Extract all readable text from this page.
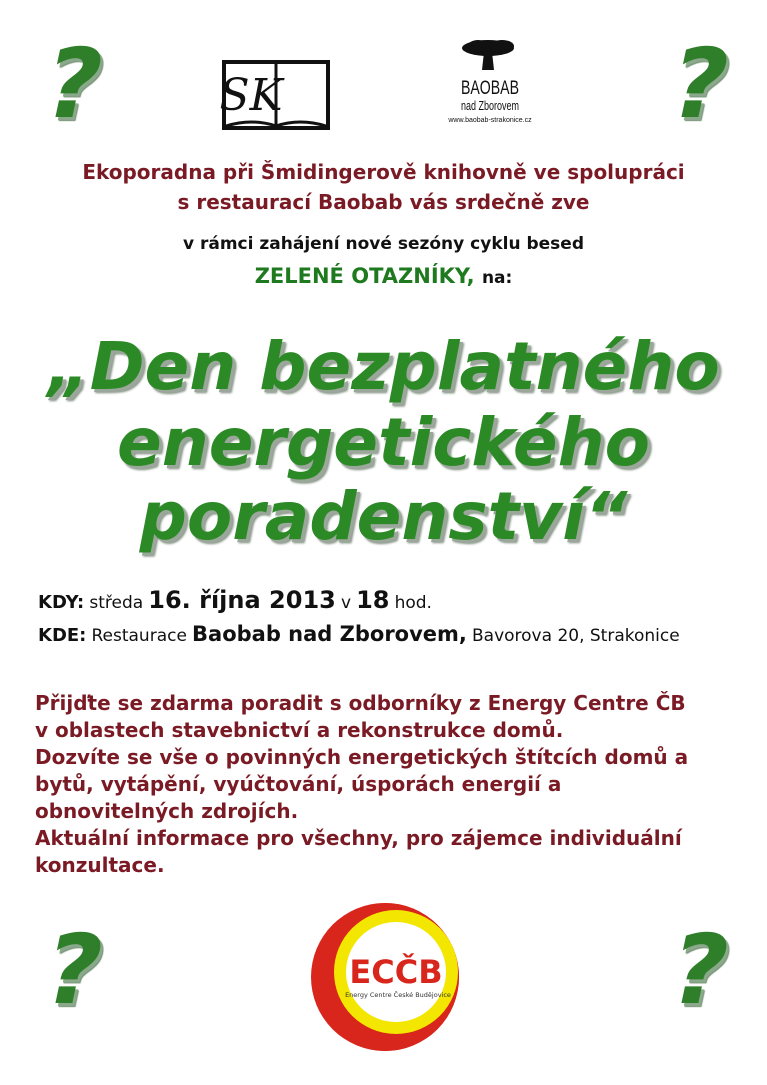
?	?
?	?
SK	BAOBAB
nad Zborovem
www.baobab-strakonice.cz
Ekoporadna při Šmidingerově knihovně ve spolupráci
s restaurací Baobab vás srdečně zve
v rámci zahájení nové sezóny cyklu besed
ZELENÉ OTAZNÍKY, na:
„Den bezplatného
energetického
poradenství“
KDY: středa 16. října 2013 v 18 hod.
KDE: Restaurace Baobab nad Zborovem, Bavorova 20, Strakonice

Přijďte se zdarma poradit s odborníky z Energy Centre ČB

v oblastech stavebnictví a rekonstrukce domů.

Dozvíte se vše o povinných energetických štítcích domů a

bytů, vytápění, vyúčtování, úsporách energií a

obnovitelných zdrojích.

Aktuální informace pro všechny, pro zájemce individuální

konzultace.

ECČB
Energy Centre České Budějovice
